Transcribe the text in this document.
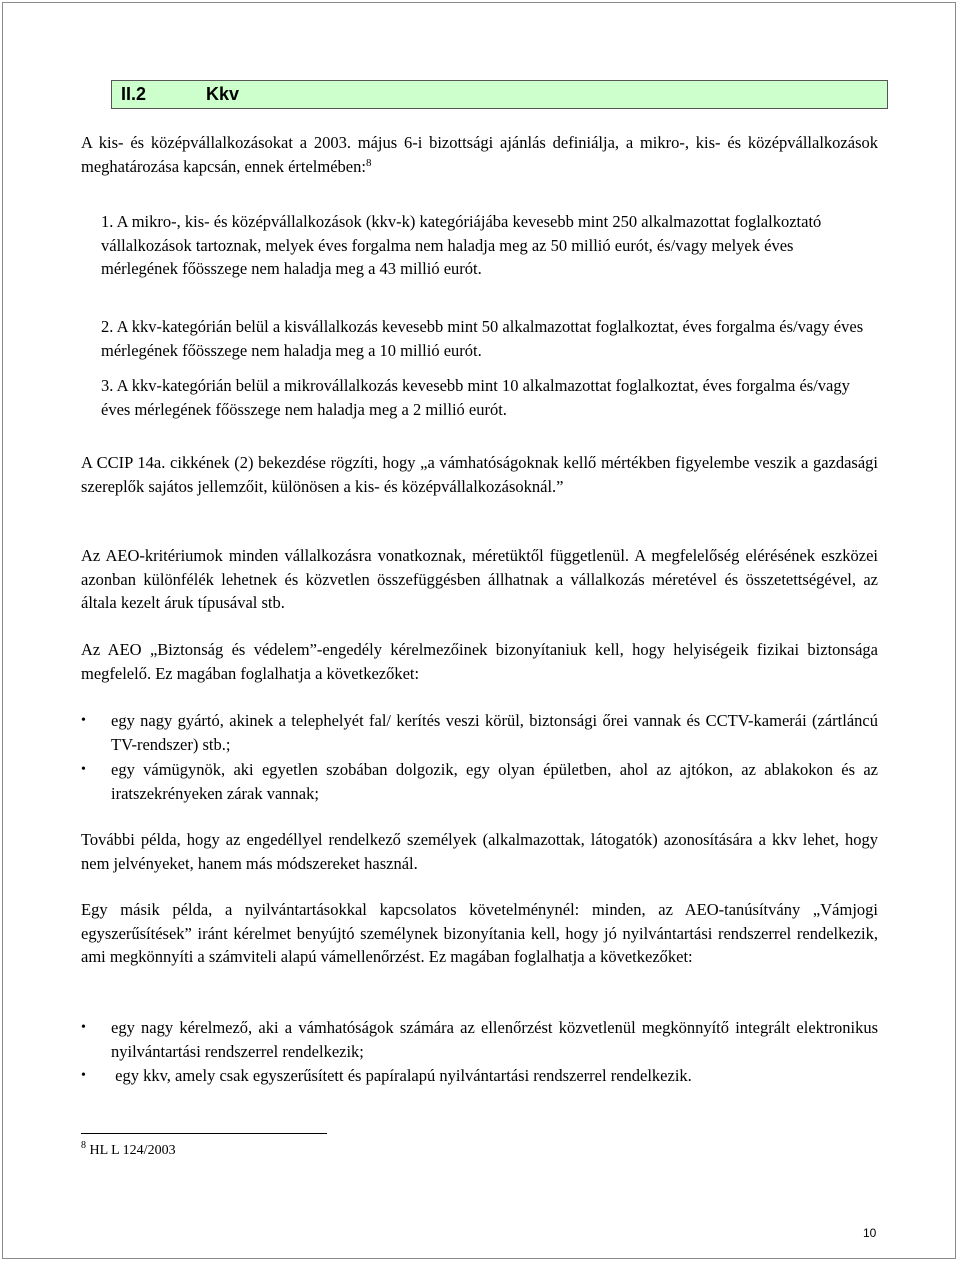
II.2	Kkv

A kis- és középvállalkozásokat a 2003. május 6-i bizottsági ajánlás definiálja, a mikro-, kis- és középvállalkozások meghatározása kapcsán, ennek értelmében:$^8$

1. A mikro-, kis- és középvállalkozások (kkv-k) kategóriájába kevesebb mint 250 alkalmazottat foglalkoztató vállalkozások tartoznak, melyek éves forgalma nem haladja meg az 50 millió eurót, és/vagy melyek éves mérlegének főösszege nem haladja meg a 43 millió eurót.

2. A kkv-kategórián belül a kisvállalkozás kevesebb mint 50 alkalmazottat foglalkoztat, éves forgalma és/vagy éves mérlegének főösszege nem haladja meg a 10 millió eurót.

3. A kkv-kategórián belül a mikrovállalkozás kevesebb mint 10 alkalmazottat foglalkoztat, éves forgalma és/vagy éves mérlegének főösszege nem haladja meg a 2 millió eurót.

A CCIP 14a. cikkének (2) bekezdése rögzíti, hogy „a vámhatóságoknak kellő mértékben figyelembe veszik a gazdasági szereplők sajátos jellemzőit, különösen a kis- és középvállalkozásoknál.”

Az AEO-kritériumok minden vállalkozásra vonatkoznak, méretüktől függetlenül. A megfelelőség elérésének eszközei azonban különfélék lehetnek és közvetlen összefüggésben állhatnak a vállalkozás méretével és összetettségével, az általa kezelt áruk típusával stb.

Az AEO „Biztonság és védelem”-engedély kérelmezőinek bizonyítaniuk kell, hogy helyiségeik fizikai biztonsága megfelelő. Ez magában foglalhatja a következőket:

• egy nagy gyártó, akinek a telephelyét fal/ kerítés veszi körül, biztonsági őrei vannak és CCTV-kamerái (zártláncú TV-rendszer) stb.;

• egy vámügynök, aki egyetlen szobában dolgozik, egy olyan épületben, ahol az ajtókon, az ablakokon és az iratszekrényeken zárak vannak;

További példa, hogy az engedéllyel rendelkező személyek (alkalmazottak, látogatók) azonosítására a kkv lehet, hogy nem jelvényeket, hanem más módszereket használ.

Egy másik példa, a nyilvántartásokkal kapcsolatos követelménynél: minden, az AEO-tanúsítvány „Vámjogi egyszerűsítések” iránt kérelmet benyújtó személynek bizonyítania kell, hogy jó nyilvántartási rendszerrel rendelkezik, ami megkönnyíti a számviteli alapú vámellenőrzést. Ez magában foglalhatja a következőket:

• egy nagy kérelmező, aki a vámhatóságok számára az ellenőrzést közvetlenül megkönnyítő integrált elektronikus nyilvántartási rendszerrel rendelkezik;

• egy kkv, amely csak egyszerűsített és papíralapú nyilvántartási rendszerrel rendelkezik.

$^8$ HL L 124/2003
10
